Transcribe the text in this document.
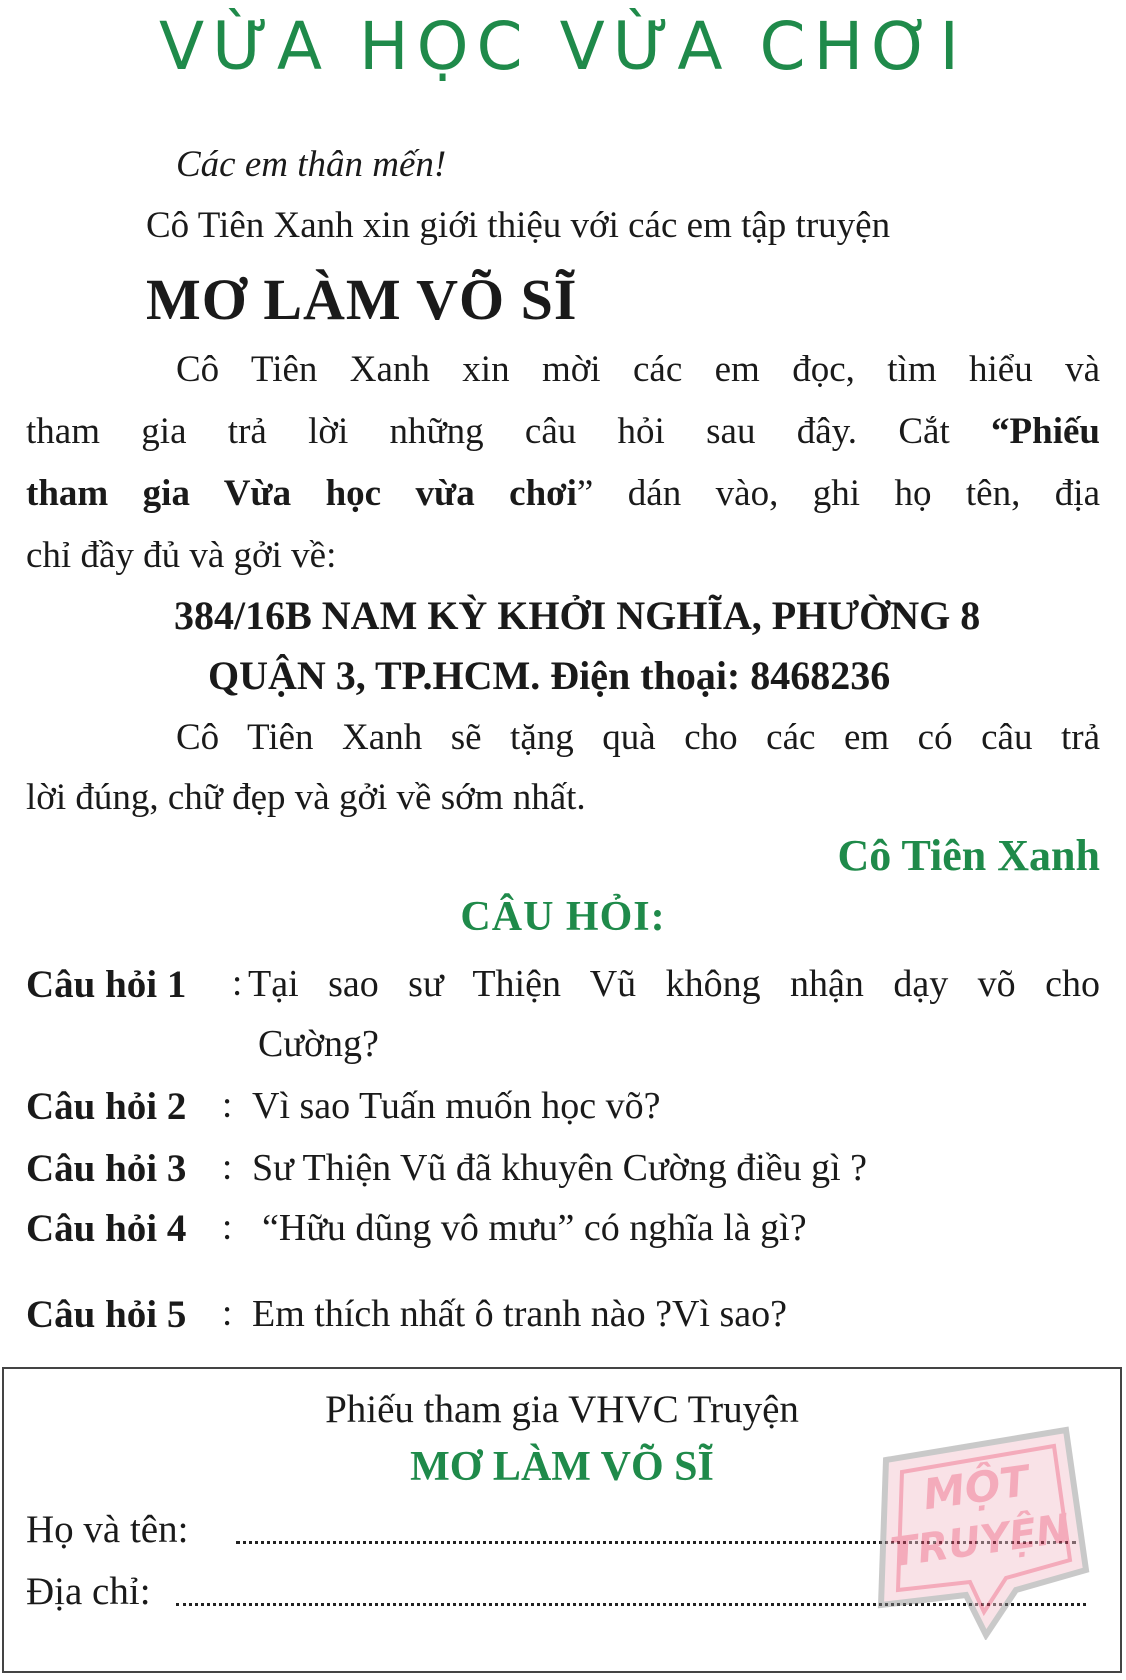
VỪA HỌC VỪA CHƠI
Các em thân mến!
Cô Tiên Xanh xin giới thiệu với các em tập truyện
MƠ LÀM VÕ SĨ
Cô Tiên Xanh xin mời các em đọc, tìm hiểu và
tham gia trả lời những câu hỏi sau đây. Cắt “Phiếu
tham gia Vừa học vừa chơi” dán vào, ghi họ tên, địa
chỉ đầy đủ và gởi về:
384/16B NAM KỲ KHỞI NGHĨA, PHƯỜNG 8
QUẬN 3, TP.HCM. Điện thoại: 8468236
Cô Tiên Xanh sẽ tặng quà cho các em có câu trả
lời đúng, chữ đẹp và gởi về sớm nhất.
Cô Tiên Xanh
CÂU HỎI:
Câu hỏi 1 : Tại sao sư Thiện Vũ không nhận dạy võ cho
Cường?
Câu hỏi 2 : Vì sao Tuấn muốn học võ?
Câu hỏi 3 : Sư Thiện Vũ đã khuyên Cường điều gì ?
Câu hỏi 4 : “Hữu dũng vô mưu” có nghĩa là gì?
Câu hỏi 5 : Em thích nhất ô tranh nào ?Vì sao?
Phiếu tham gia VHVC Truyện
MƠ LÀM VÕ SĨ
Họ và tên:
Địa chỉ:
MỘT
TRUYỆN
